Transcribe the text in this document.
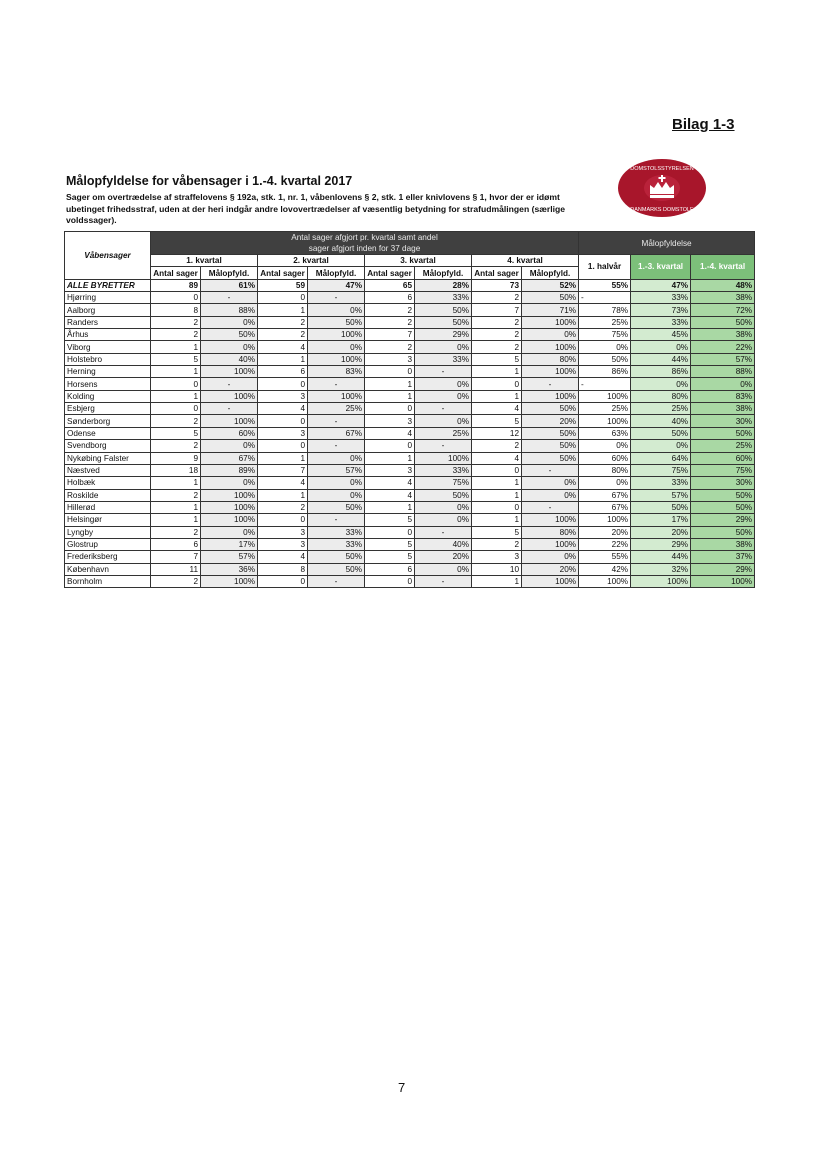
Bilag 1-3
DOMSTOLSSTYRELSEN
DANMARKS DOMSTOLE
Målopfyldelse for våbensager i 1.-4. kvartal 2017
Sager om overtrædelse af straffelovens § 192a, stk. 1, nr. 1, våbenlovens § 2, stk. 1 eller knivlovens § 1, hvor der er idømt ubetinget frihedsstraf, uden at der heri indgår andre lovovertrædelser af væsentlig betydning for strafudmålingen (særlige voldssager).
Våbensager	Antal sager afgjort pr. kvartal samt andel
sager afgjort inden for 37 dage								Målopfyldelse		
	1. kvartal		2. kvartal		3. kvartal		4. kvartal		1. halvår	1.-3. kvartal	1.-4. kvartal
	Antal sager	Målopfyld.	Antal sager	Målopfyld.	Antal sager	Målopfyld.	Antal sager	Målopfyld.			
ALLE BYRETTER	89	61%	59	47%	65	28%	73	52%	55%	47%	48%
Hjørring	0	-	0	-	6	33%	2	50%	-	33%	38%
Aalborg	8	88%	1	0%	2	50%	7	71%	78%	73%	72%
Randers	2	0%	2	50%	2	50%	2	100%	25%	33%	50%
Århus	2	50%	2	100%	7	29%	2	0%	75%	45%	38%
Viborg	1	0%	4	0%	2	0%	2	100%	0%	0%	22%
Holstebro	5	40%	1	100%	3	33%	5	80%	50%	44%	57%
Herning	1	100%	6	83%	0	-	1	100%	86%	86%	88%
Horsens	0	-	0	-	1	0%	0	-	-	0%	0%
Kolding	1	100%	3	100%	1	0%	1	100%	100%	80%	83%
Esbjerg	0	-	4	25%	0	-	4	50%	25%	25%	38%
Sønderborg	2	100%	0	-	3	0%	5	20%	100%	40%	30%
Odense	5	60%	3	67%	4	25%	12	50%	63%	50%	50%
Svendborg	2	0%	0	-	0	-	2	50%	0%	0%	25%
Nykøbing Falster	9	67%	1	0%	1	100%	4	50%	60%	64%	60%
Næstved	18	89%	7	57%	3	33%	0	-	80%	75%	75%
Holbæk	1	0%	4	0%	4	75%	1	0%	0%	33%	30%
Roskilde	2	100%	1	0%	4	50%	1	0%	67%	57%	50%
Hillerød	1	100%	2	50%	1	0%	0	-	67%	50%	50%
Helsingør	1	100%	0	-	5	0%	1	100%	100%	17%	29%
Lyngby	2	0%	3	33%	0	-	5	80%	20%	20%	50%
Glostrup	6	17%	3	33%	5	40%	2	100%	22%	29%	38%
Frederiksberg	7	57%	4	50%	5	20%	3	0%	55%	44%	37%
København	11	36%	8	50%	6	0%	10	20%	42%	32%	29%
Bornholm	2	100%	0	-	0	-	1	100%	100%	100%	100%
7
